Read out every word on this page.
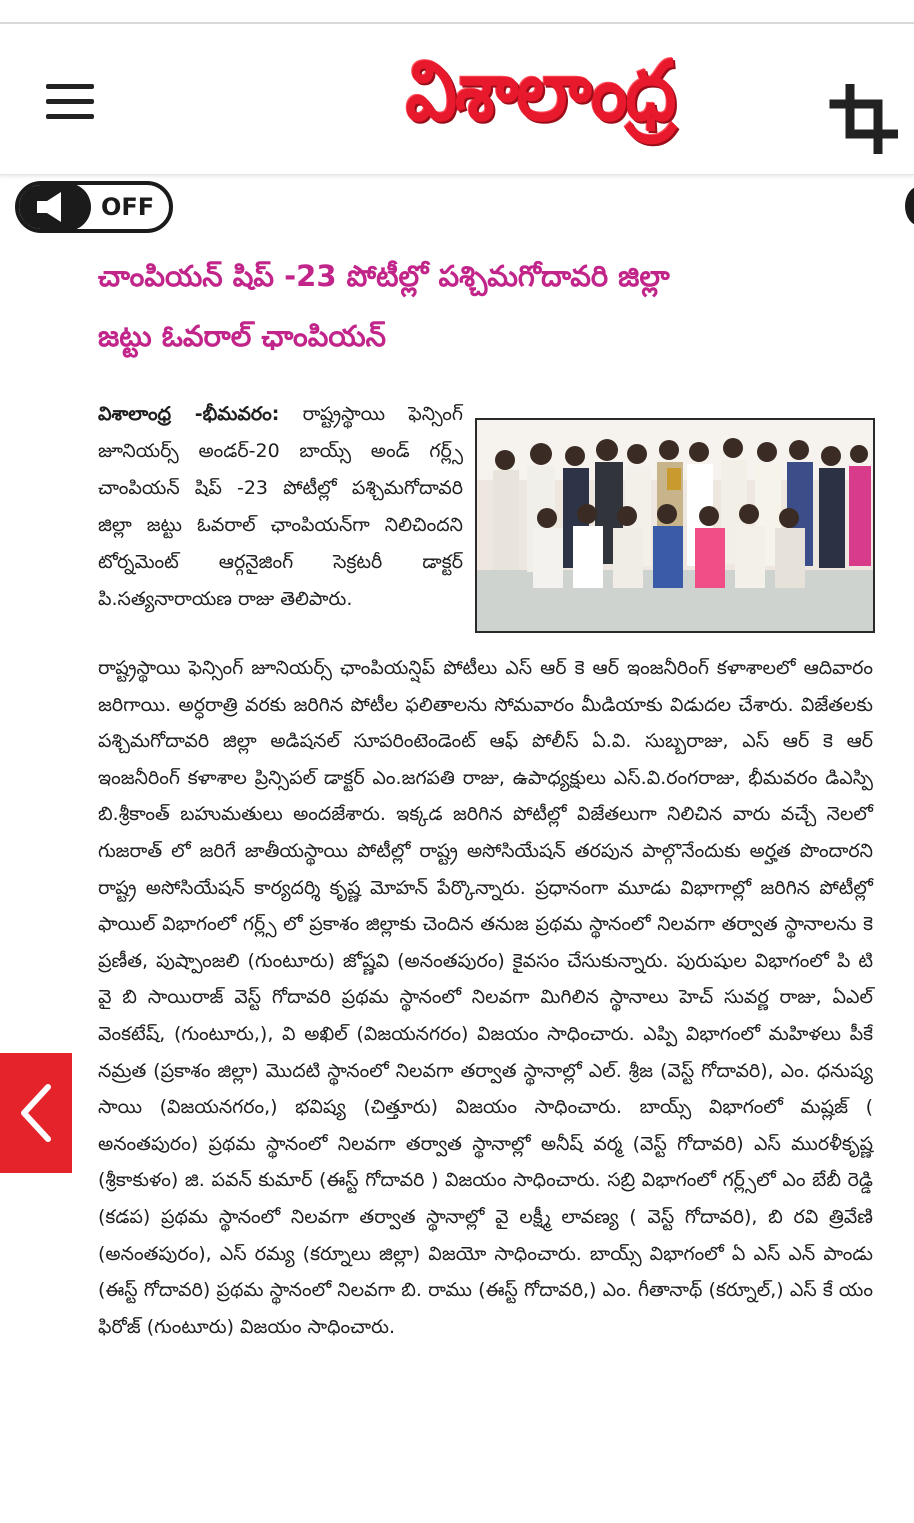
విశాలాంధ్ర
OFF
చాంపియన్ షిప్ -23 పోటీల్లో పశ్చిమగోదావరి జిల్లా
జట్టు ఓవరాల్ ఛాంపియన్
విశాలాంధ్ర -భీమవరం: రాష్ట్రస్థాయి ఫెన్సింగ్ జూనియర్స్ అండర్-20 బాయ్స్ అండ్ గర్ల్స్ చాంపియన్ షిప్ -23 పోటీల్లో పశ్చిమగోదావరి జిల్లా జట్టు ఓవరాల్ ఛాంపియన్‌గా నిలిచిందని టోర్నమెంట్ ఆర్గనైజింగ్ సెక్రటరీ డాక్టర్ పి.సత్యనారాయణ రాజు తెలిపారు.
రాష్ట్రస్థాయి ఫెన్సింగ్ జూనియర్స్ ఛాంపియన్షిప్ పోటీలు ఎస్ ఆర్ కె ఆర్ ఇంజనీరింగ్ కళాశాలలో ఆదివారం జరిగాయి. అర్ధరాత్రి వరకు జరిగిన పోటీల ఫలితాలను సోమవారం మీడియాకు విడుదల చేశారు. విజేతలకు పశ్చిమగోదావరి జిల్లా అడిషనల్ సూపరింటెండెంట్ ఆఫ్ పోలీస్ ఏ.వి. సుబ్బరాజు, ఎస్ ఆర్ కె ఆర్ ఇంజనీరింగ్ కళాశాల ప్రిన్సిపల్ డాక్టర్ ఎం.జగపతి రాజు, ఉపాధ్యక్షులు ఎస్.వి.రంగరాజు, భీమవరం డిఎస్పి బి.శ్రీకాంత్ బహుమతులు అందజేశారు. ఇక్కడ జరిగిన పోటీల్లో విజేతలుగా నిలిచిన వారు వచ్చే నెలలో గుజరాత్ లో జరిగే జాతీయస్థాయి పోటీల్లో రాష్ట్ర అసోసియేషన్ తరపున పాల్గొనేందుకు అర్హత పొందారని రాష్ట్ర అసోసియేషన్ కార్యదర్శి కృష్ణ మోహన్ పేర్కొన్నారు. ప్రధానంగా మూడు విభాగాల్లో జరిగిన పోటీల్లో ఫాయిల్ విభాగంలో గర్ల్స్ లో ప్రకాశం జిల్లాకు చెందిన తనుజ ప్రథమ స్థానంలో నిలవగా తర్వాత స్థానాలను కె ప్రణీత, పుష్పాంజలి (గుంటూరు) జోష్ణవి (అనంతపురం) కైవసం చేసుకున్నారు. పురుషుల విభాగంలో పి టి వై బి సాయిరాజ్ వెస్ట్ గోదావరి ప్రథమ స్థానంలో నిలవగా మిగిలిన స్థానాలు హెచ్ సువర్ణ రాజు, ఏఎల్ వెంకటేష్, (గుంటూరు,), వి అఖిల్ (విజయనగరం) విజయం సాధించారు. ఎప్పి విభాగంలో మహిళలు పీకే నమ్రత (ప్రకాశం జిల్లా) మొదటి స్థానంలో నిలవగా తర్వాత స్థానాల్లో ఎల్. శ్రీజ (వెస్ట్ గోదావరి), ఎం. ధనుష్య సాయి (విజయనగరం,) భవిష్య (చిత్తూరు) విజయం సాధించారు. బాయ్స్ విభాగంలో మష్లజ్ ( అనంతపురం) ప్రథమ స్థానంలో నిలవగా తర్వాత స్థానాల్లో అనీష్ వర్మ (వెస్ట్ గోదావరి) ఎస్ మురళీకృష్ణ (శ్రీకాకుళం) జి. పవన్ కుమార్ (ఈస్ట్ గోదావరి ) విజయం సాధించారు. సబ్రి విభాగంలో గర్ల్స్‌లో ఎం బేబీ రెడ్డి (కడప) ప్రథమ స్థానంలో నిలవగా తర్వాత స్థానాల్లో వై లక్ష్మీ లావణ్య ( వెస్ట్ గోదావరి), బి రవి త్రివేణి (అనంతపురం), ఎస్ రమ్య (కర్నూలు జిల్లా) విజయో సాధించారు. బాయ్స్ విభాగంలో ఏ ఎస్ ఎన్ పాండు (ఈస్ట్ గోదావరి) ప్రథమ స్థానంలో నిలవగా బి. రాము (ఈస్ట్ గోదావరి,) ఎం. గీతానాథ్ (కర్నూల్,) ఎస్ కే యం ఫిరోజ్ (గుంటూరు) విజయం సాధించారు.
